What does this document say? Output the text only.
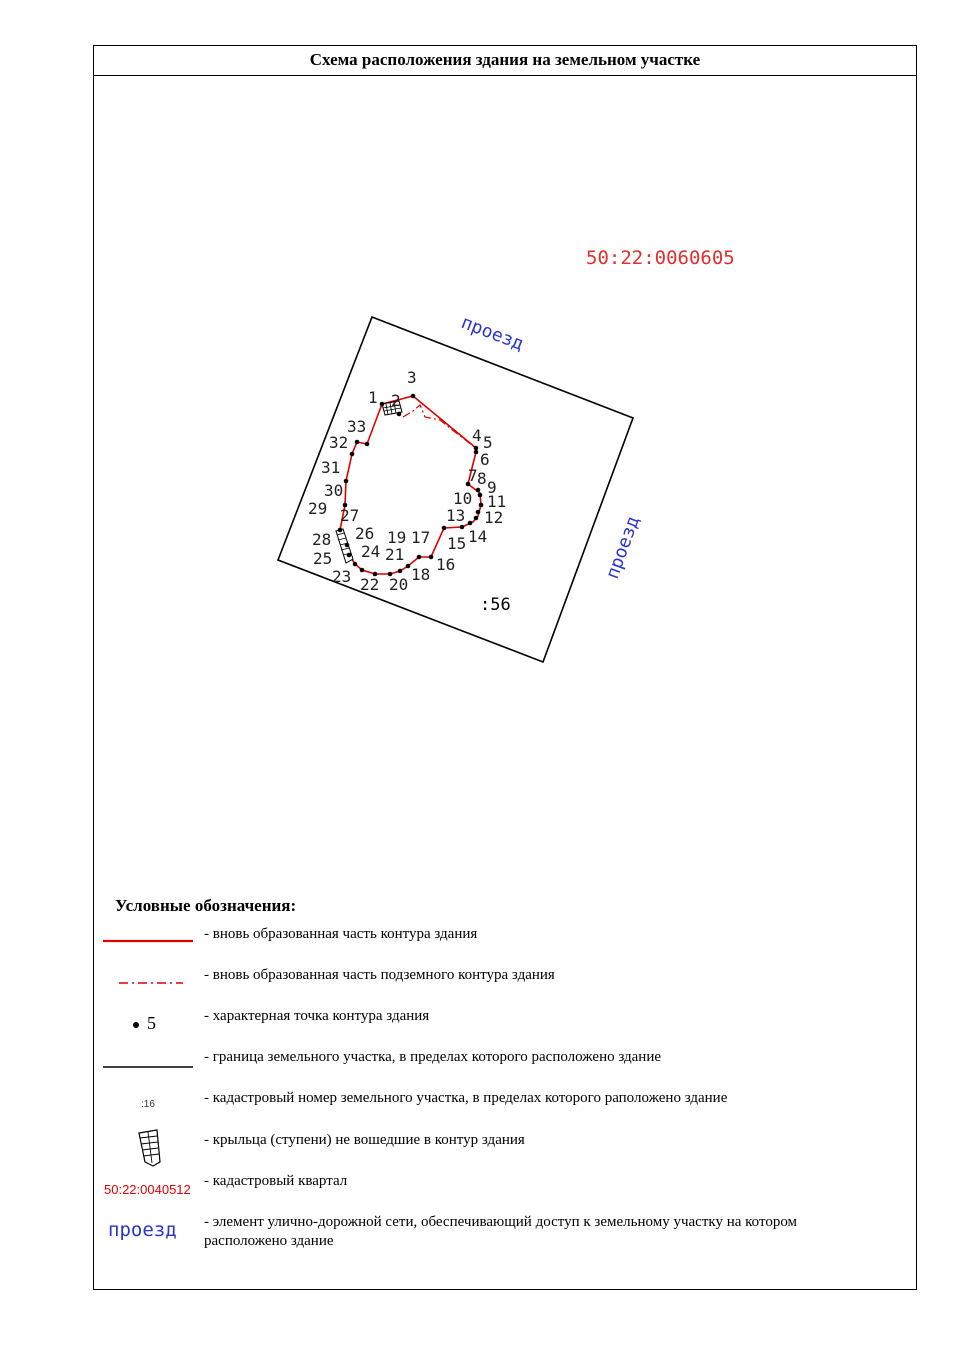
Схема расположения здания на земельном участке
50:22:0060605
проезд
проезд
:56
1 2
3
4 5
6
7 8 9
10 11
12
13
14
15
16
17
18
19
20
21
22
23
24
25
26
27
28
29
30
31
32
33
5
:16
50:22:0040512
проезд
Условные обозначения:
- вновь образованная часть контура здания
- вновь образованная часть подземного контура здания
- характерная точка контура здания
- граница земельного участка, в пределах которого расположено здание
- кадастровый номер земельного участка, в пределах которого раположено здание
- крыльца (ступени) не вошедшие в контур здания
- кадастровый квартал
- элемент улично-дорожной сети, обеспечивающий доступ к земельному участку на котором расположено здание
